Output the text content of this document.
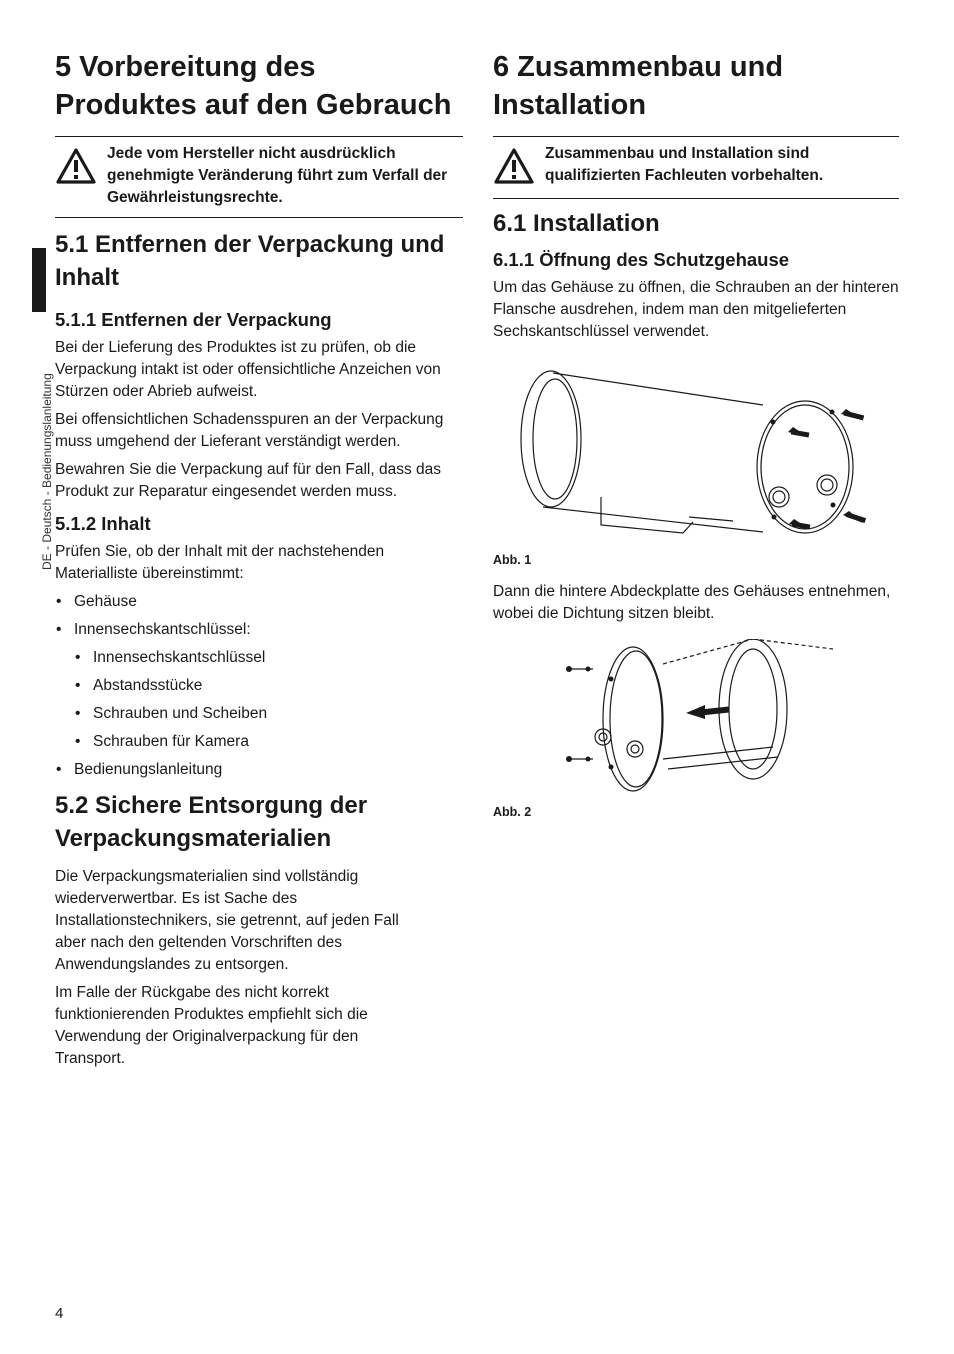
DE - Deutsch - Bedienungslanleitung
5 Vorbereitung des Produktes auf den Gebrauch
Jede vom Hersteller nicht ausdrücklich genehmigte Veränderung führt zum Verfall der Gewährleistungsrechte.
5.1 Entfernen der Verpackung und Inhalt
5.1.1 Entfernen der Verpackung

Bei der Lieferung des Produktes ist zu prüfen, ob die Verpackung intakt ist oder offensichtliche Anzeichen von Stürzen oder Abrieb aufweist.

Bei offensichtlichen Schadensspuren an der Verpackung muss umgehend der Lieferant verständigt werden.

Bewahren Sie die Verpackung auf für den Fall, dass das Produkt zur Reparatur eingesendet werden muss.

5.1.2 Inhalt

Prüfen Sie, ob der Inhalt mit der nachstehenden Materialliste übereinstimmt:

• Gehäuse
• Innensechskantschlüssel:
• Innensechskantschlüssel
• Abstandsstücke
• Schrauben und Scheiben
• Schrauben für Kamera
• Bedienungslanleitung
5.2 Sichere Entsorgung der Verpackungsmaterialien

Die Verpackungsmaterialien sind vollständig wiederverwertbar. Es ist Sache des Installationstechnikers, sie getrennt, auf jeden Fall aber nach den geltenden Vorschriften des Anwendungslandes zu entsorgen.

Im Falle der Rückgabe des nicht korrekt funktionierenden Produktes empfiehlt sich die Verwendung der Originalverpackung für den Transport.

6 Zusammenbau und Installation
Zusammenbau und Installation sind qualifizierten Fachleuten vorbehalten.
6.1 Installation
6.1.1 Öffnung des Schutzgehause

Um das Gehäuse zu öffnen, die Schrauben an der hinteren Flansche ausdrehen, indem man den mitgelieferten Sechskantschlüssel verwendet.

Abb. 1

Dann die hintere Abdeckplatte des Gehäuses entnehmen, wobei die Dichtung sitzen bleibt.

Abb. 2
4
